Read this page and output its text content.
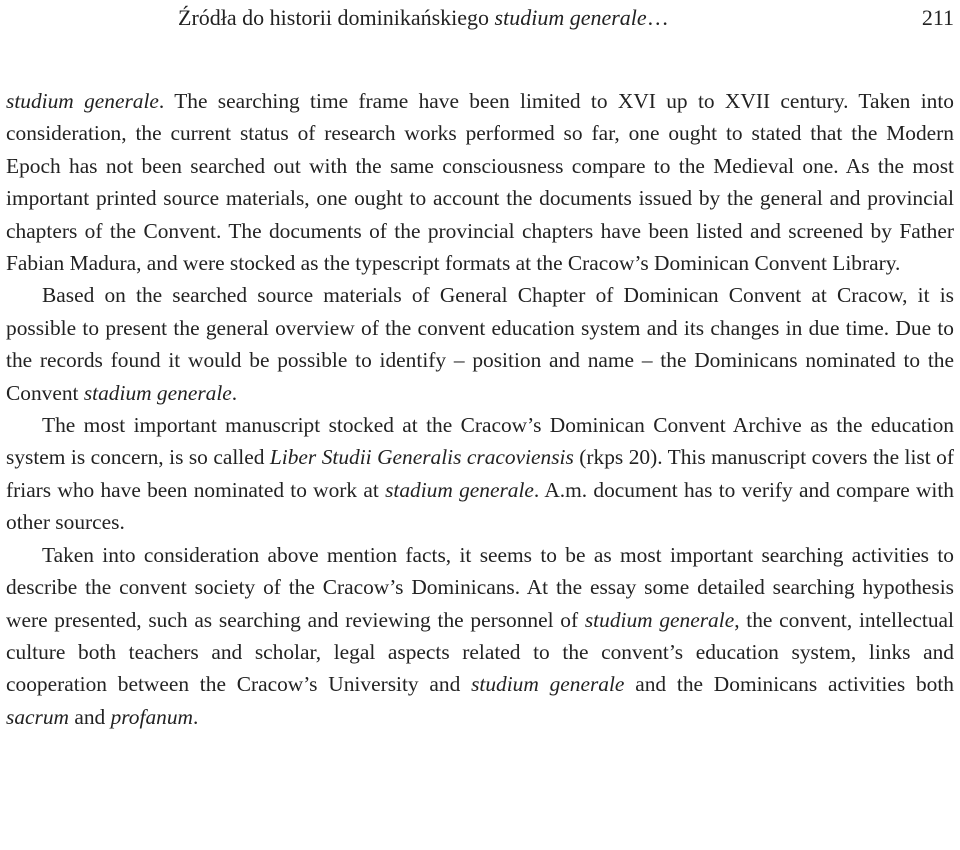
Źródła do historii dominikańskiego studium generale…	211

studium generale. The searching time frame have been limited to XVI up to XVII century. Taken into consideration, the current status of research works performed so far, one ought to stated that the Modern Epoch has not been searched out with the same consciousness compare to the Medieval one. As the most important printed source materials, one ought to account the documents issued by the general and provincial chapters of the Convent. The documents of the provincial chapters have been listed and screened by Father Fabian Madura, and were stocked as the typescript formats at the Cracow’s Dominican Convent Library.

Based on the searched source materials of General Chapter of Dominican Convent at Cracow, it is possible to present the general overview of the convent education system and its changes in due time. Due to the records found it would be possible to identify – position and name – the Dominicans nominated to the Convent stadium generale.

The most important manuscript stocked at the Cracow’s Dominican Convent Archive as the education system is concern, is so called Liber Studii Generalis cracoviensis (rkps 20). This manuscript covers the list of friars who have been nominated to work at stadium generale. A.m. document has to verify and compare with other sources.

Taken into consideration above mention facts, it seems to be as most important searching activities to describe the convent society of the Cracow’s Dominicans. At the essay some detailed searching hypothesis were presented, such as searching and reviewing the personnel of studium generale, the convent, intellectual culture both teachers and scholar, legal aspects related to the convent’s education system, links and cooperation between the Cracow’s University and studium generale and the Dominicans activities both sacrum and profanum.
